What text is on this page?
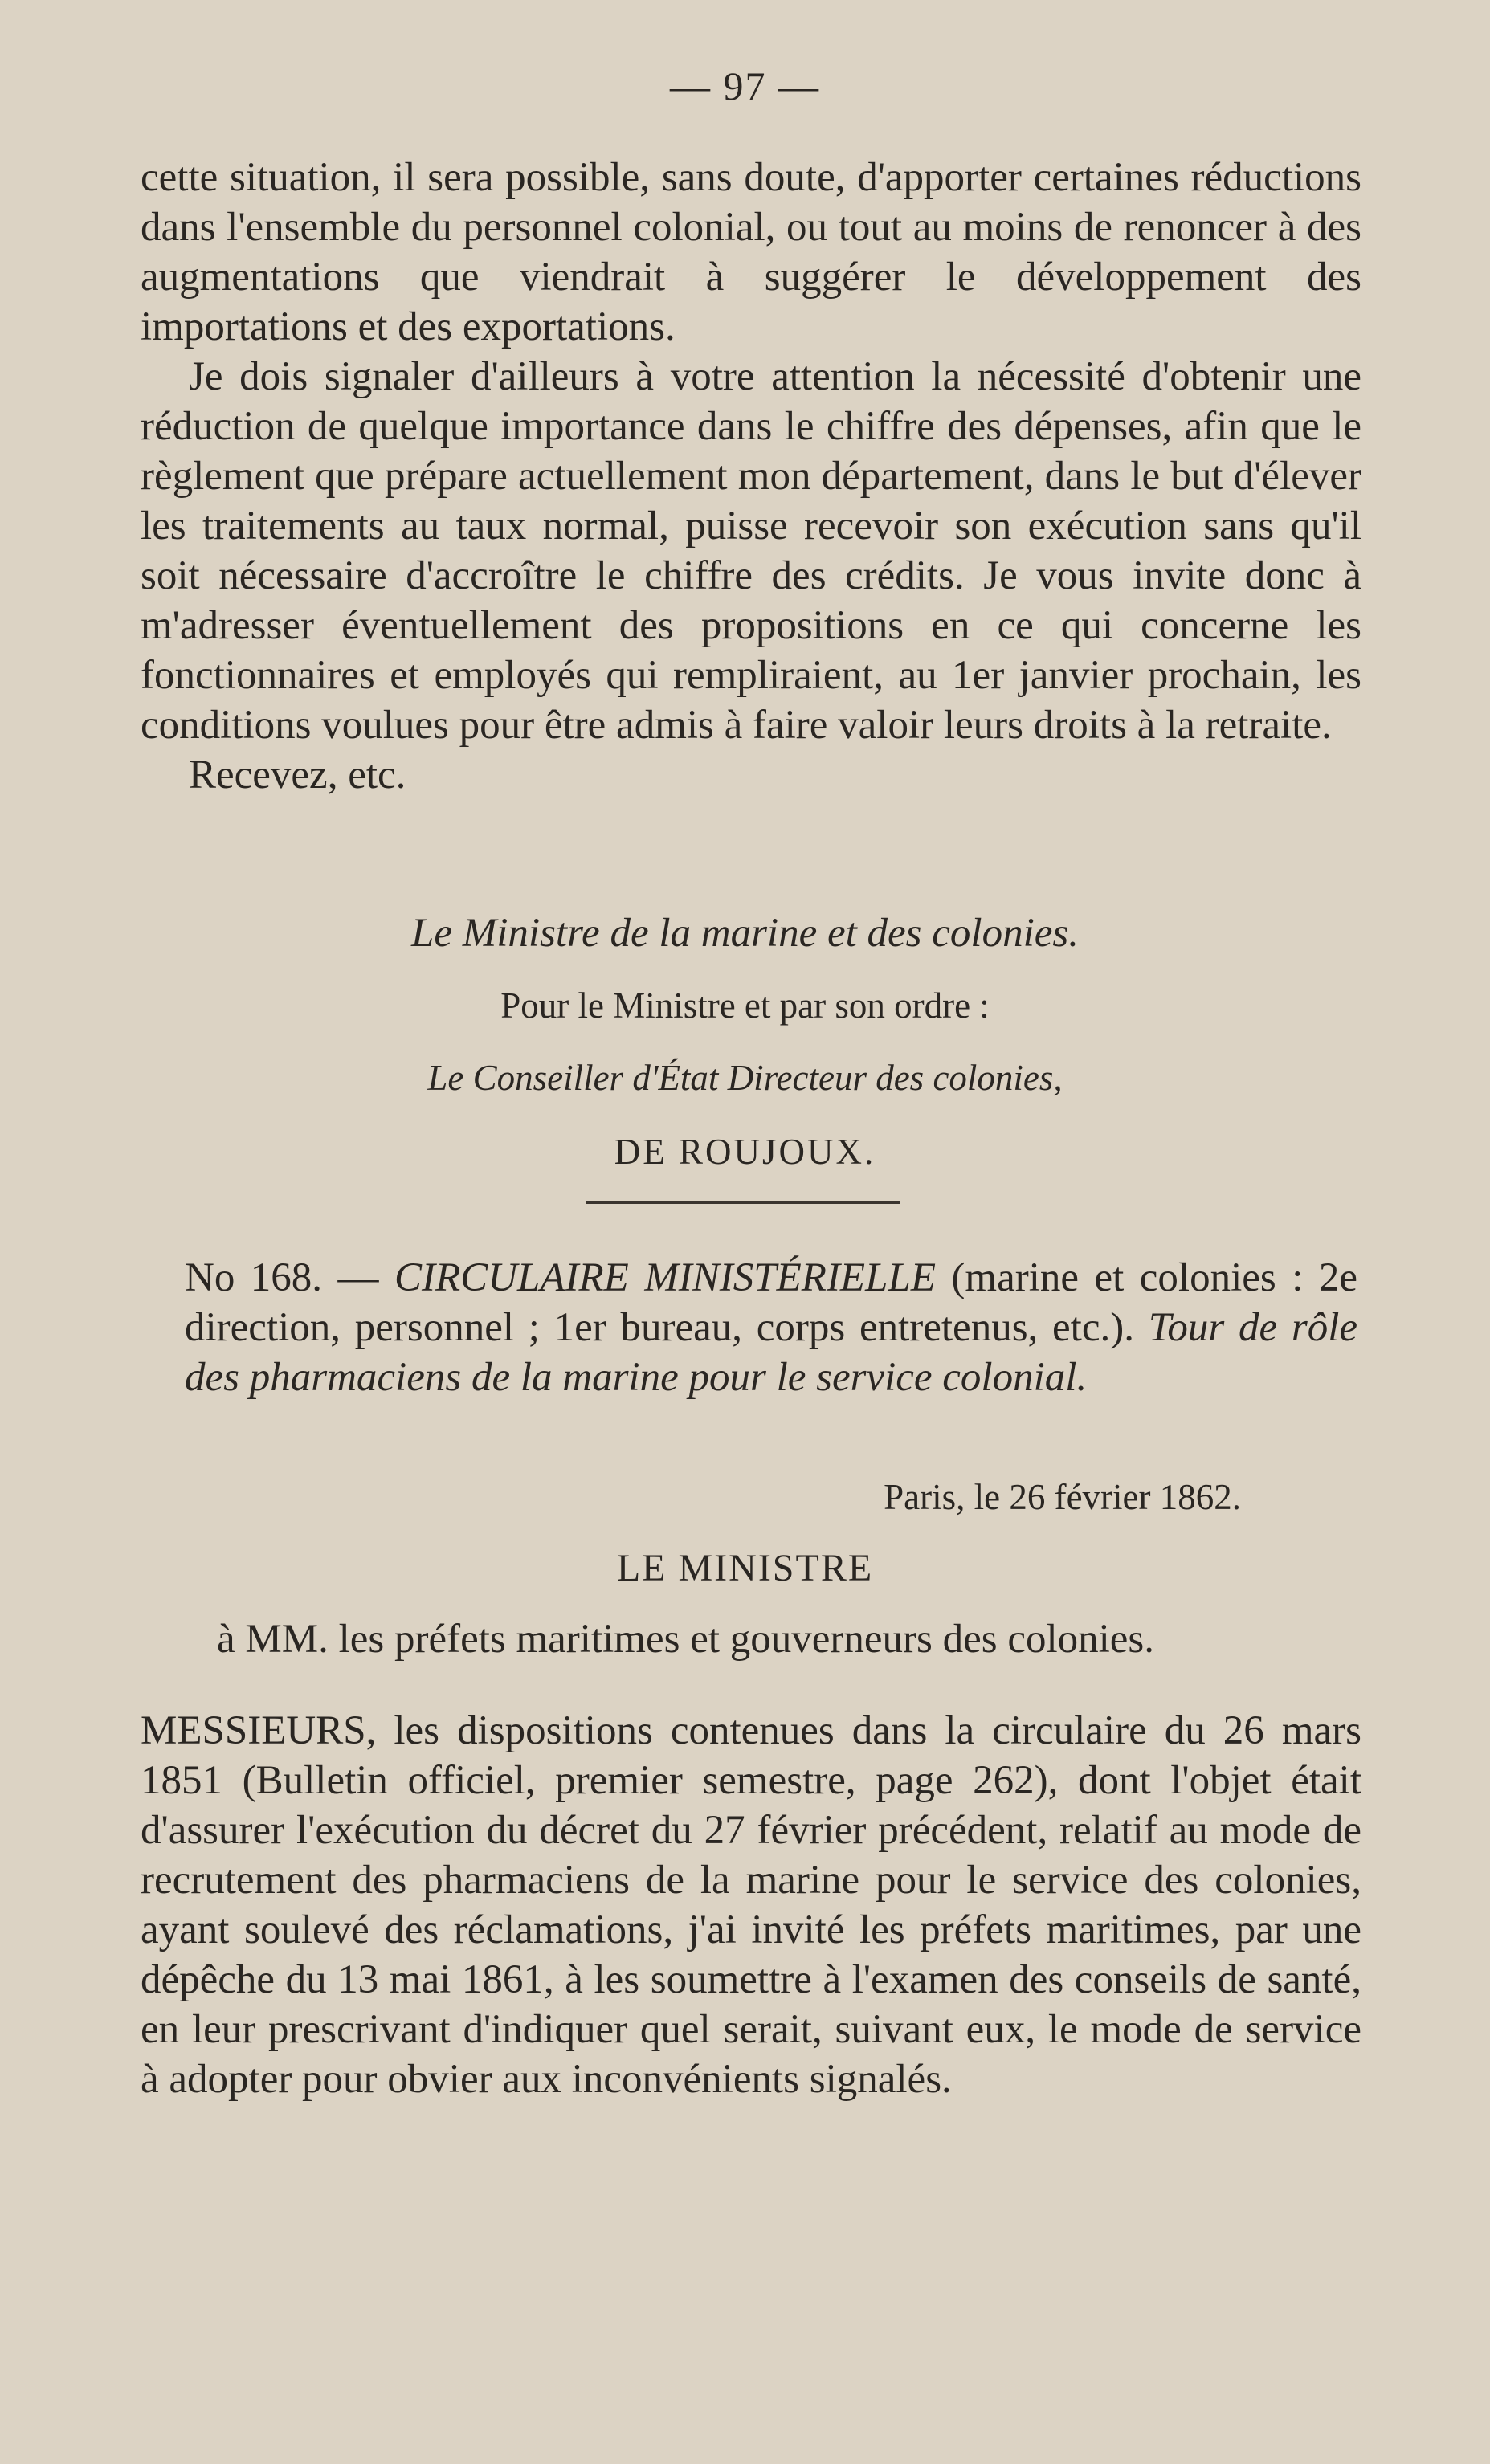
— 97 —

cette situation, il sera possible, sans doute, d'apporter certaines réductions dans l'ensemble du personnel colonial, ou tout au moins de renoncer à des augmentations que viendrait à suggérer le développement des importations et des exportations.

Je dois signaler d'ailleurs à votre attention la nécessité d'obtenir une réduction de quelque importance dans le chiffre des dépenses, afin que le règlement que prépare actuellement mon département, dans le but d'élever les traitements au taux normal, puisse recevoir son exécution sans qu'il soit nécessaire d'accroître le chiffre des crédits. Je vous invite donc à m'adresser éventuellement des propositions en ce qui concerne les fonctionnaires et employés qui rempliraient, au 1er janvier prochain, les conditions voulues pour être admis à faire valoir leurs droits à la retraite.

Recevez, etc.

Le Ministre de la marine et des colonies.
Pour le Ministre et par son ordre :
Le Conseiller d'État Directeur des colonies,
DE ROUJOUX.
No 168. — CIRCULAIRE MINISTÉRIELLE (marine et colonies : 2e direction, personnel ; 1er bureau, corps entretenus, etc.). Tour de rôle des pharmaciens de la marine pour le service colonial.
Paris, le 26 février 1862.
LE MINISTRE
à MM. les préfets maritimes et gouverneurs des colonies.

MESSIEURS, les dispositions contenues dans la circulaire du 26 mars 1851 (Bulletin officiel, premier semestre, page 262), dont l'objet était d'assurer l'exécution du décret du 27 février précédent, relatif au mode de recrutement des pharmaciens de la marine pour le service des colonies, ayant soulevé des réclamations, j'ai invité les préfets maritimes, par une dépêche du 13 mai 1861, à les soumettre à l'examen des conseils de santé, en leur prescrivant d'indiquer quel serait, suivant eux, le mode de service à adopter pour obvier aux inconvénients signalés.
